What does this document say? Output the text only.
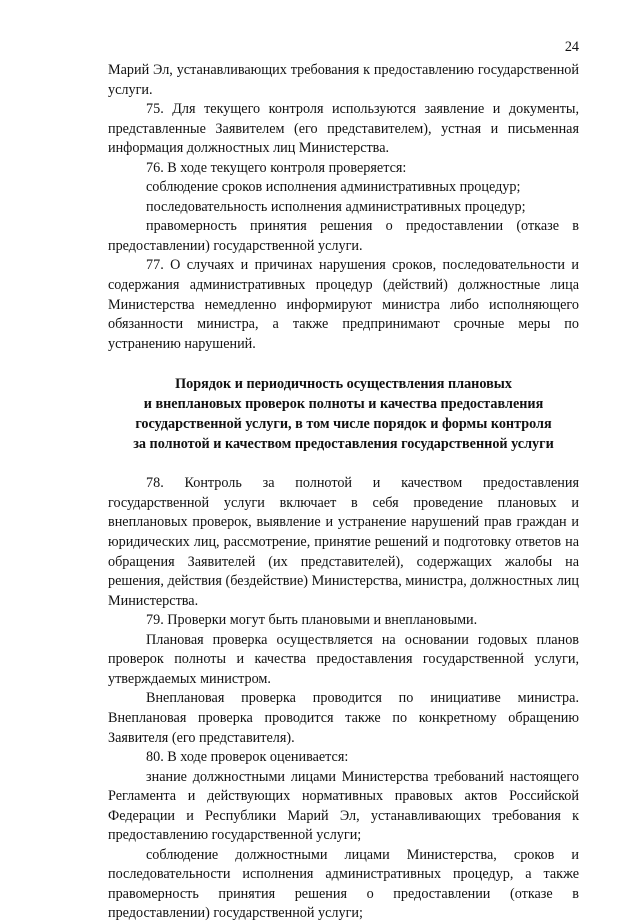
24

Марий Эл, устанавливающих требования к предоставлению государственной услуги.

75. Для текущего контроля используются заявление и документы, представленные Заявителем (его представителем), устная и письменная информация должностных лиц Министерства.

76. В ходе текущего контроля проверяется:

соблюдение сроков исполнения административных процедур;

последовательность исполнения административных процедур;

правомерность принятия решения о предоставлении (отказе в предоставлении) государственной услуги.

77. О случаях и причинах нарушения сроков, последовательности и содержания административных процедур (действий) должностные лица Министерства немедленно информируют министра либо исполняющего обязанности министра, а также предпринимают срочные меры по устранению нарушений.

Порядок и периодичность осуществления плановых
и внеплановых проверок полноты и качества предоставления
государственной услуги, в том числе порядок и формы контроля
за полнотой и качеством предоставления государственной услуги

78. Контроль за полнотой и качеством предоставления государственной услуги включает в себя проведение плановых и внеплановых проверок, выявление и устранение нарушений прав граждан и юридических лиц, рассмотрение, принятие решений и подготовку ответов на обращения Заявителей (их представителей), содержащих жалобы на решения, действия (бездействие) Министерства, министра, должностных лиц Министерства.

79. Проверки могут быть плановыми и внеплановыми.

Плановая проверка осуществляется на основании годовых планов проверок полноты и качества предоставления государственной услуги, утверждаемых министром.

Внеплановая проверка проводится по инициативе министра. Внеплановая проверка проводится также по конкретному обращению Заявителя (его представителя).

80. В ходе проверок оценивается:

знание должностными лицами Министерства требований настоящего Регламента и действующих нормативных правовых актов Российской Федерации и Республики Марий Эл, устанавливающих требования к предоставлению государственной услуги;

соблюдение должностными лицами Министерства, сроков и последовательности исполнения административных процедур, а также правомерность принятия решения о предоставлении (отказе в предоставлении) государственной услуги;
